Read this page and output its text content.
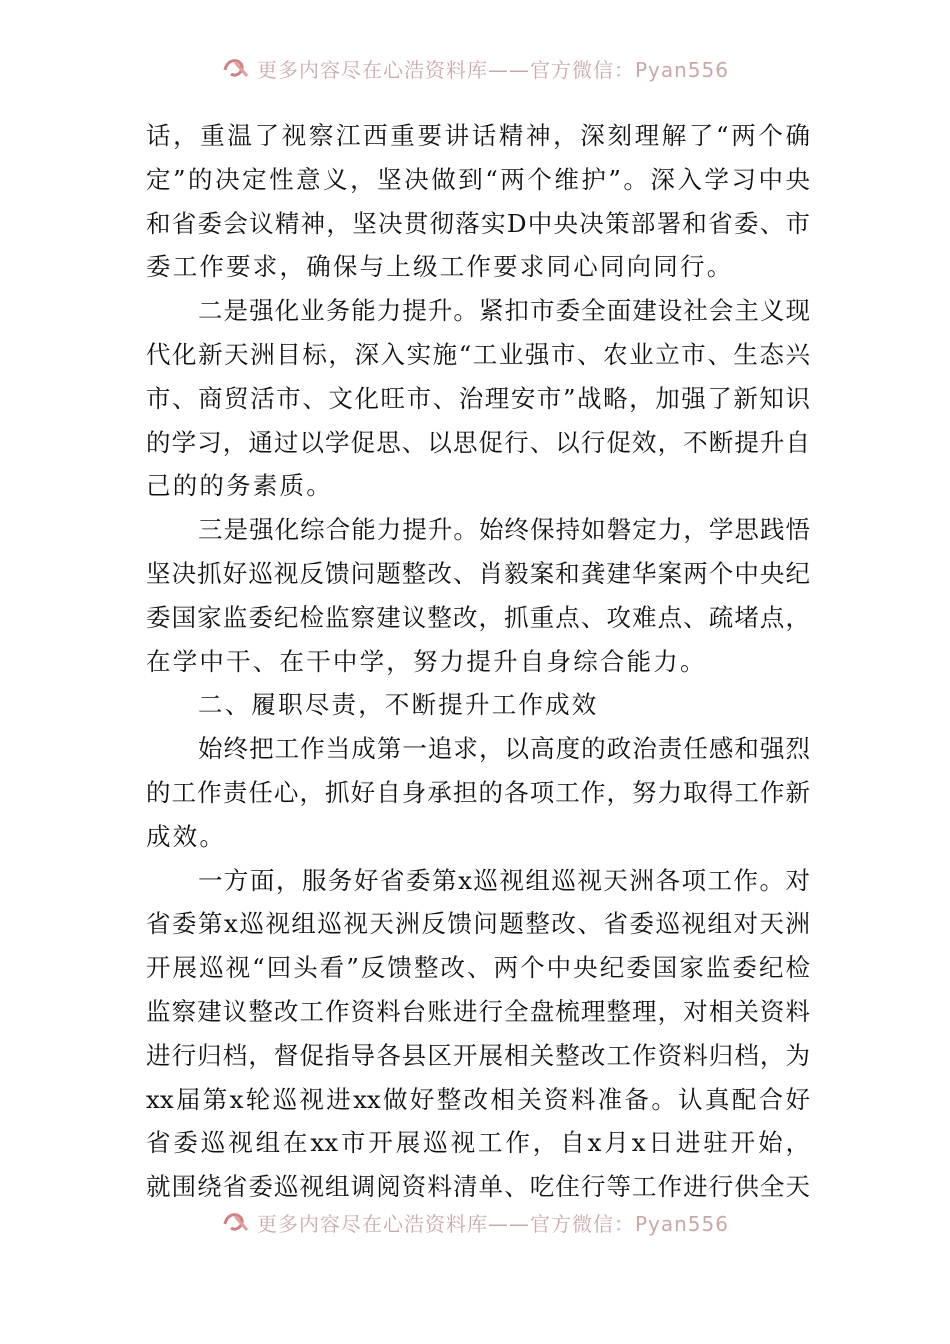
更多内容尽在心浩资料库——官方微信：Pyan556
话，重温了视察江西重要讲话精神，深刻理解了“两个确
定”的决定性意义，坚决做到“两个维护”。深入学习中央
和省委会议精神，坚决贯彻落实D中央决策部署和省委、市
委工作要求，确保与上级工作要求同心同向同行。
二是强化业务能力提升。紧扣市委全面建设社会主义现
代化新天洲目标，深入实施“工业强市、农业立市、生态兴
市、商贸活市、文化旺市、治理安市”战略，加强了新知识
的学习，通过以学促思、以思促行、以行促效，不断提升自
己的的务素质。
三是强化综合能力提升。始终保持如磐定力，学思践悟
坚决抓好巡视反馈问题整改、肖毅案和龚建华案两个中央纪
委国家监委纪检监察建议整改，抓重点、攻难点、疏堵点，
在学中干、在干中学，努力提升自身综合能力。
二、履职尽责，不断提升工作成效
始终把工作当成第一追求，以高度的政治责任感和强烈
的工作责任心，抓好自身承担的各项工作，努力取得工作新
成效。
一方面，服务好省委第x巡视组巡视天洲各项工作。对
省委第x巡视组巡视天洲反馈问题整改、省委巡视组对天洲
开展巡视“回头看”反馈整改、两个中央纪委国家监委纪检
监察建议整改工作资料台账进行全盘梳理整理，对相关资料
进行归档，督促指导各县区开展相关整改工作资料归档，为
xx届第x轮巡视进xx做好整改相关资料准备。认真配合好
省委巡视组在xx市开展巡视工作，自x月x日进驻开始，
就围绕省委巡视组调阅资料清单、吃住行等工作进行供全天
更多内容尽在心浩资料库——官方微信：Pyan556
